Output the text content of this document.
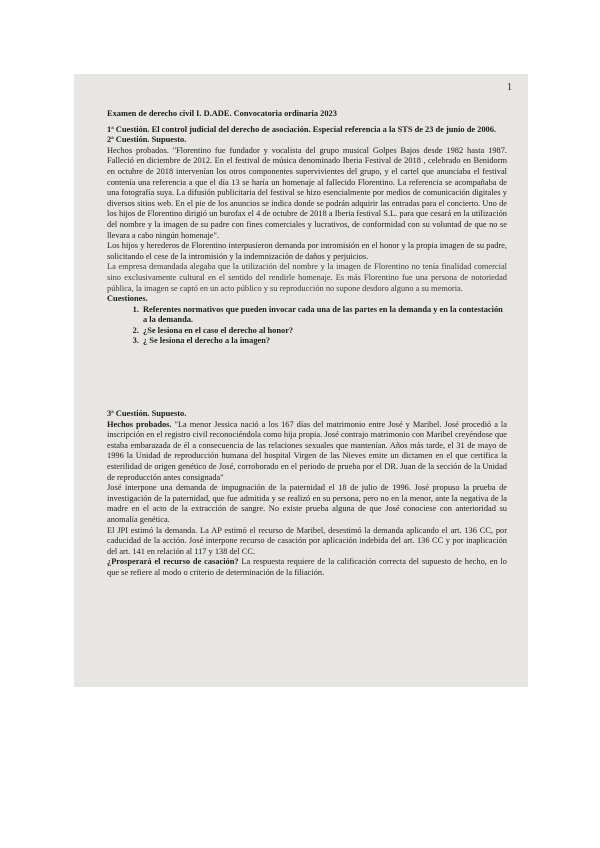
1

Examen de derecho civil I. D.ADE. Convocatoria ordinaria 2023

1ª Cuestión. El control judicial del derecho de asociación. Especial referencia a la STS de 23 de junio de 2006.

2ª Cuestión. Supuesto.

Hechos probados. "Florentino fue fundador y vocalista del grupo musical Golpes Bajos desde 1982 hasta 1987. Falleció en diciembre de 2012. En el festival de música denominado Iberia Festival de 2018 , celebrado en Benidorm en octubre de 2018 intervenían los otros componentes supervivientes del grupo, y el cartel que anunciaba el festival contenía una referencia a que el día 13 se haría un homenaje al fallecido Florentino. La referencia se acompañaba de una fotografía suya. La difusión publicitaria del festival se hizo esencialmente por medios de comunicación digitales y diversos sitios web. En el pie de los anuncios se indica donde se podrán adquirir las entradas para el concierto. Uno de los hijos de Florentino dirigió un burofax el 4 de octubre de 2018 a Iberia festival S.L. para que cesará en la utilización del nombre y la imagen de su padre con fines comerciales y lucrativos, de conformidad con su voluntad de que no se llevara a cabo ningún homenaje".

Los hijos y herederos de Florentino interpusieron demanda por intromisión en el honor y la propia imagen de su padre, solicitando el cese de la intromisión y la indemnización de daños y perjuicios.

La empresa demandada alegaba que la utilización del nombre y la imagen de Florentino no tenía finalidad comercial sino exclusivamente cultural en el sentido del rendirle homenaje. Es más Florentino fue una persona de notoriedad pública, la imagen se captó en un acto público y su reproducción no supone desdoro alguno a su memoria.

Cuestiones.

1. Referentes normativos que pueden invocar cada una de las partes en la demanda y en la contestación a la demanda.
2. ¿Se lesiona en el caso el derecho al honor?
3. ¿ Se lesiona el derecho a la imagen?

3ª Cuestión. Supuesto.

Hechos probados. "La menor Jessica nació a los 167 días del matrimonio entre José y Maribel. José procedió a la inscripción en el registro civil reconociéndola como hija propia. José contrajo matrimonio con Maribel creyéndose que estaba embarazada de él a consecuencia de las relaciones sexuales que mantenían. Años más tarde, el 31 de mayo de 1996 la Unidad de reproducción humana del hospital Virgen de las Nieves emite un dictamen en el que certifica la esterilidad de origen genético de José, corroborado en el periodo de prueba por el DR. Juan de la sección de la Unidad de reproducción antes consignada"

José interpone una demanda de impugnación de la paternidad el 18 de julio de 1996. José propuso la prueba de investigación de la paternidad, que fue admitida y se realizó en su persona, pero no en la menor, ante la negativa de la madre en el acto de la extracción de sangre. No existe prueba alguna de que José conociese con anterioridad su anomalía genética.

El JPI estimó la demanda. La AP estimó el recurso de Maribel, desestimó la demanda aplicando el art. 136 CC, por caducidad de la acción. José interpone recurso de casación por aplicación indebida del art. 136 CC y por inaplicación del art. 141 en relación al 117 y 138 del CC.

¿Prosperará el recurso de casación? La respuesta requiere de la calificación correcta del supuesto de hecho, en lo que se refiere al modo o criterio de determinación de la filiación.
